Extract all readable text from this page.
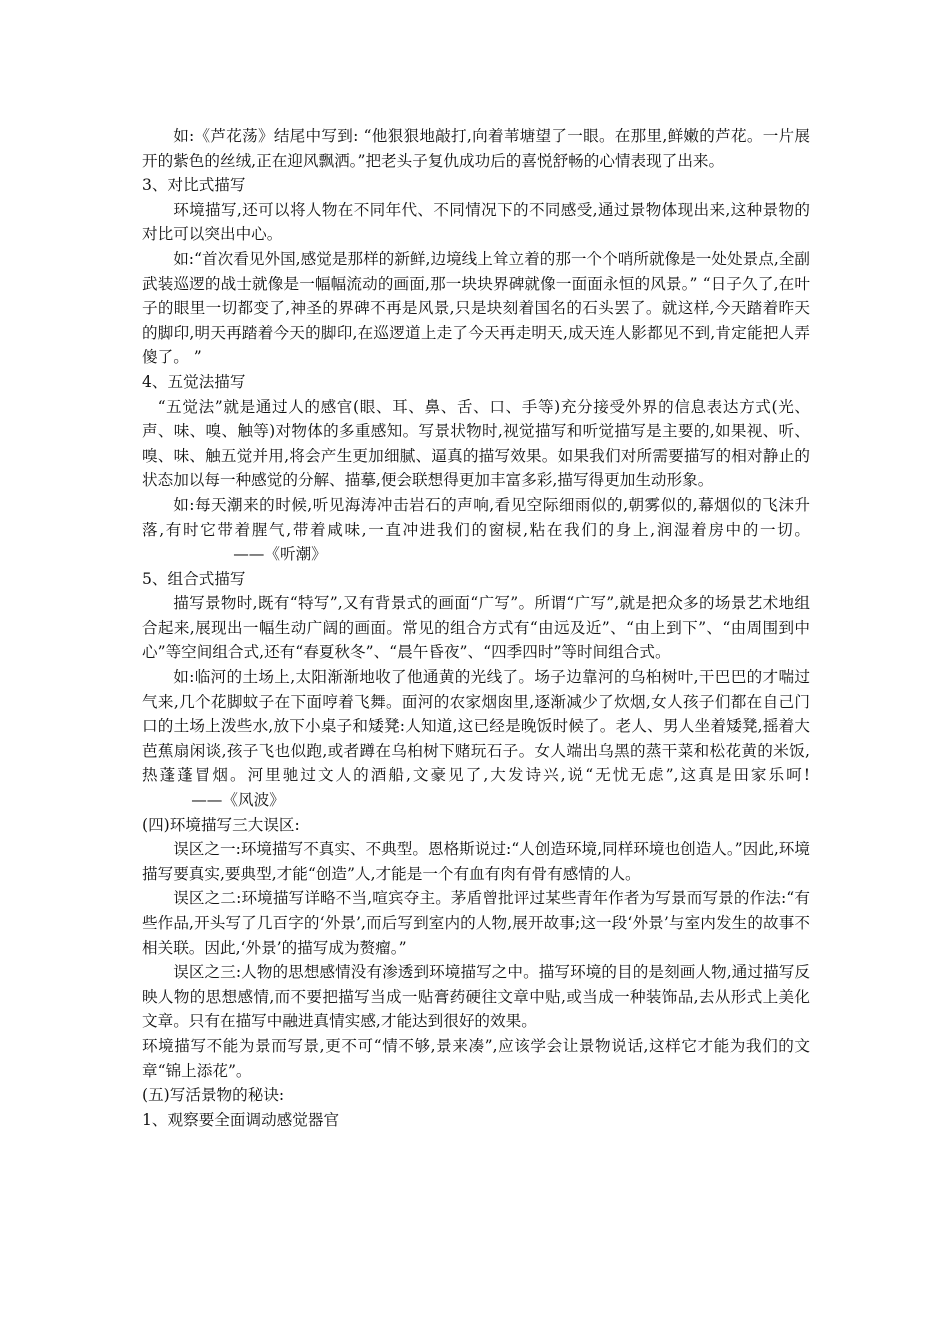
如:《芦花荡》结尾中写到: “他狠狠地敲打,向着苇塘望了一眼。在那里,鲜嫩的芦花。一片展开的紫色的丝绒,正在迎风飘洒。”把老头子复仇成功后的喜悦舒畅的心情表现了出来。

3、对比式描写

环境描写,还可以将人物在不同年代、不同情况下的不同感受,通过景物体现出来,这种景物的对比可以突出中心。

如:“首次看见外国,感觉是那样的新鲜,边境线上耸立着的那一个个哨所就像是一处处景点,全副武装巡逻的战士就像是一幅幅流动的画面,那一块块界碑就像一面面永恒的风景。” “日子久了,在叶子的眼里一切都变了,神圣的界碑不再是风景,只是块刻着国名的石头罢了。就这样,今天踏着昨天的脚印,明天再踏着今天的脚印,在巡逻道上走了今天再走明天,成天连人影都见不到,肯定能把人弄傻了。 ”

4、五觉法描写

“五觉法”就是通过人的感官(眼、耳、鼻、舌、口、手等)充分接受外界的信息表达方式(光、声、味、嗅、触等)对物体的多重感知。写景状物时,视觉描写和听觉描写是主要的,如果视、听、嗅、味、触五觉并用,将会产生更加细腻、逼真的描写效果。如果我们对所需要描写的相对静止的状态加以每一种感觉的分解、描摹,便会联想得更加丰富多彩,描写得更加生动形象。

如:每天潮来的时候,听见海涛冲击岩石的声响,看见空际细雨似的,朝雾似的,幕烟似的飞沫升落,有时它带着腥气,带着咸味,一直冲进我们的窗棂,粘在我们的身上,润湿着房中的一切。——《听潮》

5、组合式描写

描写景物时,既有“特写”,又有背景式的画面“广写”。所谓“广写”,就是把众多的场景艺术地组合起来,展现出一幅生动广阔的画面。常见的组合方式有“由远及近”、“由上到下”、“由周围到中心”等空间组合式,还有“春夏秋冬”、“晨午昏夜”、“四季四时”等时间组合式。

如:临河的土场上,太阳渐渐地收了他通黄的光线了。场子边靠河的乌桕树叶,干巴巴的才喘过气来,几个花脚蚊子在下面哼着飞舞。面河的农家烟囱里,逐渐减少了炊烟,女人孩子们都在自己门口的土场上泼些水,放下小桌子和矮凳:人知道,这已经是晚饭时候了。老人、男人坐着矮凳,摇着大芭蕉扇闲谈,孩子飞也似跑,或者蹲在乌桕树下赌玩石子。女人端出乌黑的蒸干菜和松花黄的米饭,热蓬蓬冒烟。河里驰过文人的酒船,文豪见了,大发诗兴,说“无忧无虑”,这真是田家乐呵!——《风波》

(四)环境描写三大误区:

误区之一:环境描写不真实、不典型。恩格斯说过:“人创造环境,同样环境也创造人。”因此,环境描写要真实,要典型,才能“创造”人,才能是一个有血有肉有骨有感情的人。

误区之二:环境描写详略不当,喧宾夺主。茅盾曾批评过某些青年作者为写景而写景的作法:“有些作品,开头写了几百字的‘外景’,而后写到室内的人物,展开故事;这一段‘外景’与室内发生的故事不相关联。因此,‘外景’的描写成为赘瘤。”

误区之三:人物的思想感情没有渗透到环境描写之中。描写环境的目的是刻画人物,通过描写反映人物的思想感情,而不要把描写当成一贴膏药硬往文章中贴,或当成一种装饰品,去从形式上美化文章。只有在描写中融进真情实感,才能达到很好的效果。

环境描写不能为景而写景,更不可“情不够,景来凑”,应该学会让景物说话,这样它才能为我们的文章“锦上添花”。

(五)写活景物的秘诀:

1、观察要全面调动感觉器官
